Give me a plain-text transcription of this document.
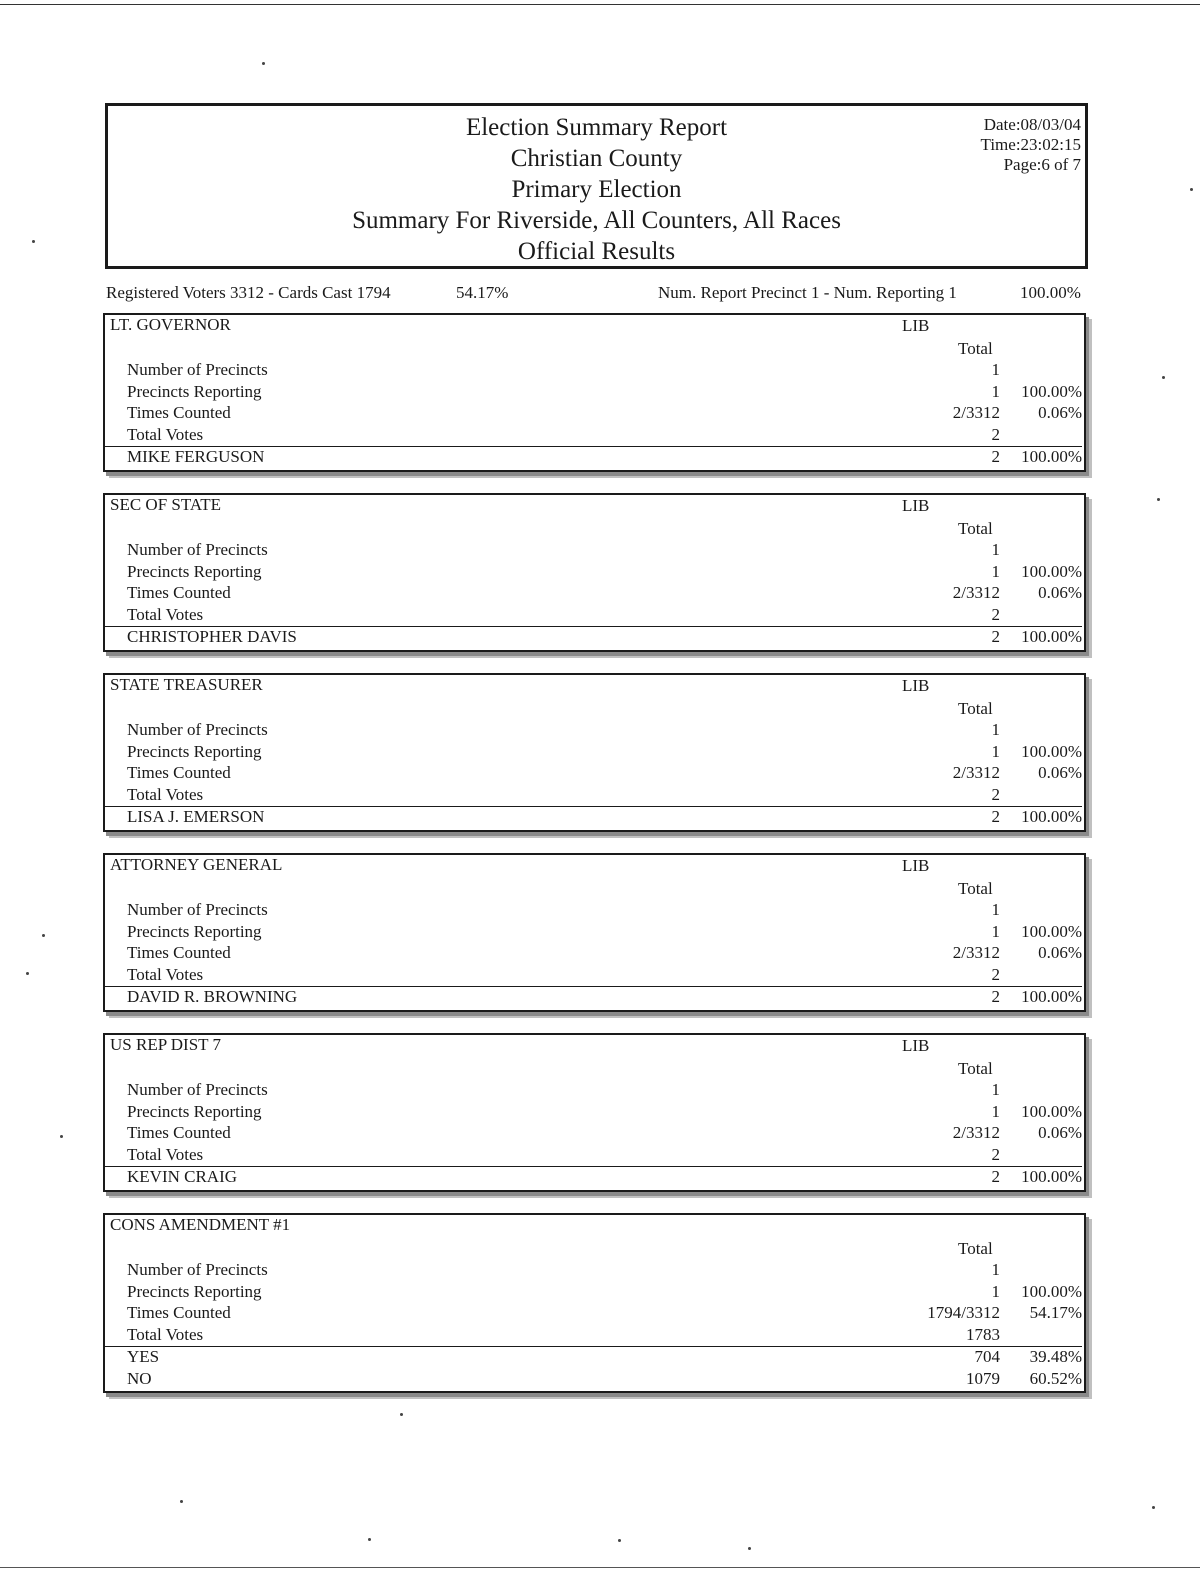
Election Summary Report
Christian County
Primary Election
Summary For Riverside, All Counters, All Races
Official Results
Date:08/03/04
Time:23:02:15
Page:6 of 7
Registered Voters 3312 - Cards Cast 1794	54.17%	Num. Report Precinct 1 - Num. Reporting 1	100.00%
LT. GOVERNOR	LIB
Total
Number of Precincts	1
Precincts Reporting	1 100.00%
Times Counted	2/3312 0.06%
Total Votes	2
MIKE FERGUSON	2 100.00%
SEC OF STATE	LIB
Total
Number of Precincts	1
Precincts Reporting	1 100.00%
Times Counted	2/3312 0.06%
Total Votes	2
CHRISTOPHER DAVIS	2 100.00%
STATE TREASURER	LIB
Total
Number of Precincts	1
Precincts Reporting	1 100.00%
Times Counted	2/3312 0.06%
Total Votes	2
LISA J. EMERSON	2 100.00%
ATTORNEY GENERAL	LIB
Total
Number of Precincts	1
Precincts Reporting	1 100.00%
Times Counted	2/3312 0.06%
Total Votes	2
DAVID R. BROWNING	2 100.00%
US REP DIST 7	LIB
Total
Number of Precincts	1
Precincts Reporting	1 100.00%
Times Counted	2/3312 0.06%
Total Votes	2
KEVIN CRAIG	2 100.00%
CONS AMENDMENT #1
Total
Number of Precincts	1
Precincts Reporting	1 100.00%
Times Counted	1794/3312 54.17%
Total Votes	1783
YES	704 39.48%
NO	1079 60.52%
